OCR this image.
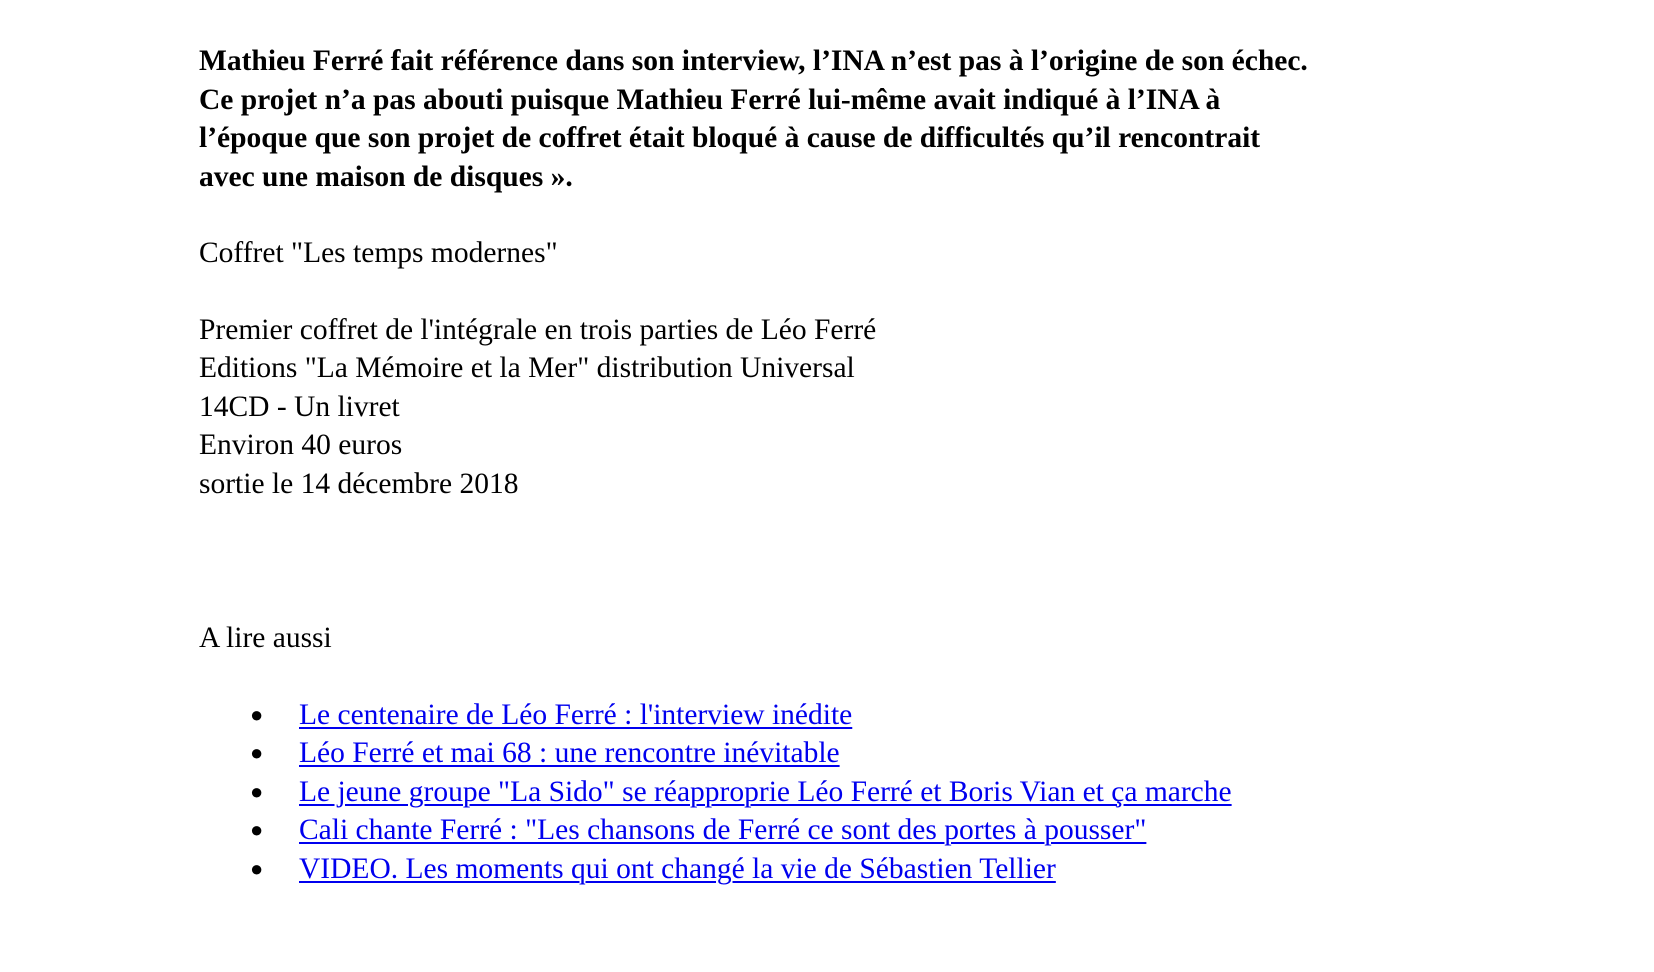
Mathieu Ferré fait référence dans son interview, l’INA n’est pas à l’origine de son échec.
Ce projet n’a pas abouti puisque Mathieu Ferré lui-même avait indiqué à l’INA à
l’époque que son projet de coffret était bloqué à cause de difficultés qu’il rencontrait
avec une maison de disques ».

Coffret "Les temps modernes"

Premier coffret de l'intégrale en trois parties de Léo Ferré
Editions "La Mémoire et la Mer" distribution Universal
14CD - Un livret
Environ 40 euros
sortie le 14 décembre 2018

A lire aussi

● Le centenaire de Léo Ferré : l'interview inédite
● Léo Ferré et mai 68 : une rencontre inévitable
● Le jeune groupe "La Sido" se réapproprie Léo Ferré et Boris Vian et ça marche
● Cali chante Ferré : "Les chansons de Ferré ce sont des portes à pousser"
● VIDEO. Les moments qui ont changé la vie de Sébastien Tellier
